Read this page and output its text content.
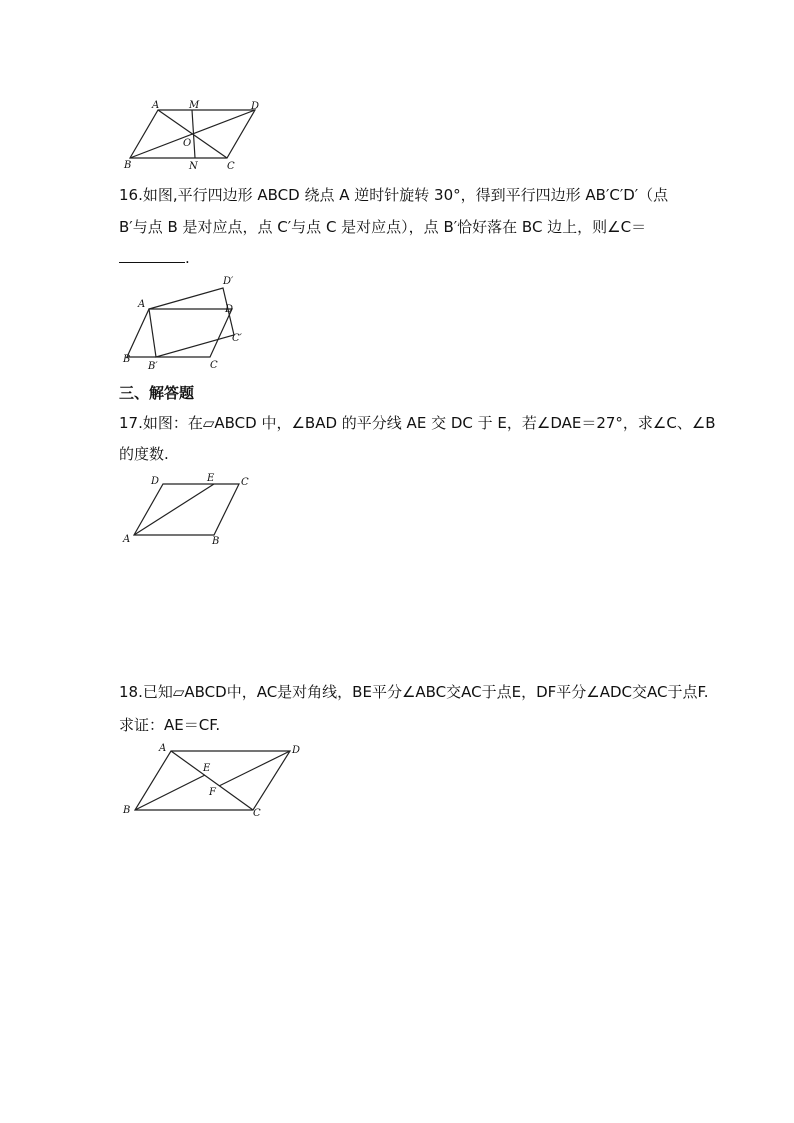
A	M	D
O
B	N	C
16.如图,平行四边形 ABCD 绕点 A 逆时针旋转 30°，得到平行四边形 AB′C′D′（点
B′与点 B 是对应点，点 C′与点 C 是对应点），点 B′恰好落在 BC 边上，则∠C＝
.
A	D
D′
C′
B
B′	C
三、解答题
17.如图：在▱ABCD 中，∠BAD 的平分线 AE 交 DC 于 E，若∠DAE＝27°，求∠C、∠B
的度数.
D	E	C
A	B
18.已知▱ABCD中，AC是对角线，BE平分∠ABC交AC于点E，DF平分∠ADC交AC于点F.
求证：AE＝CF.
A	D
E
F
B	C
